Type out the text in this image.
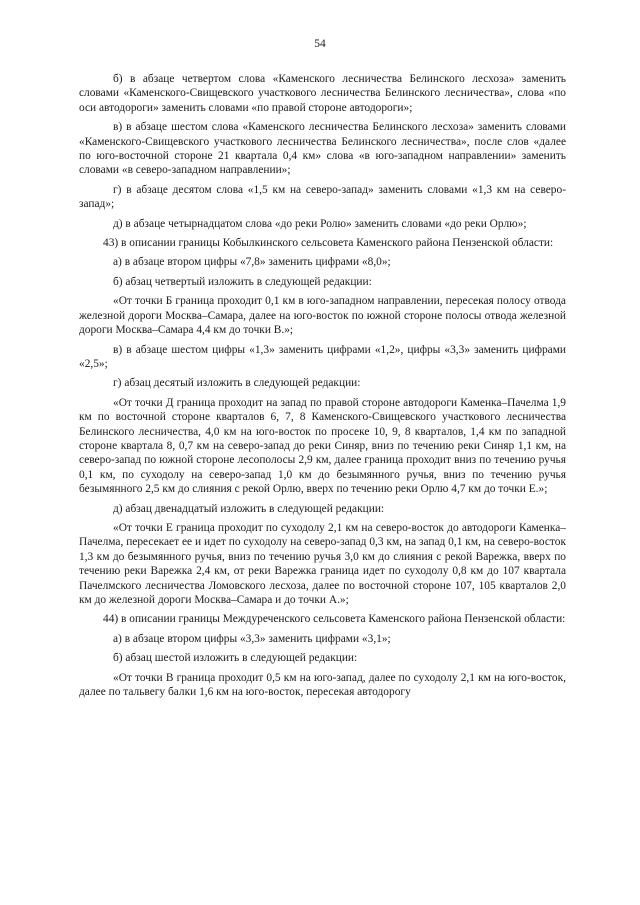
54

б) в абзаце четвертом слова «Каменского лесничества Белинского лесхоза» заменить словами «Каменского-Свищевского участкового лесничества Белинского лесничества», слова «по оси автодороги» заменить словами «по правой стороне автодороги»;

в) в абзаце шестом слова «Каменского лесничества Белинского лесхоза» заменить словами «Каменского-Свищевского участкового лесничества Белинского лесничества», после слов «далее по юго-восточной стороне 21 квартала 0,4 км» слова «в юго-западном направлении» заменить словами «в северо-западном направлении»;

г) в абзаце десятом слова «1,5 км на северо-запад» заменить словами «1,3 км на северо-запад»;

д) в абзаце четырнадцатом слова «до реки Ролю» заменить словами «до реки Орлю»;

43) в описании границы Кобылкинского сельсовета Каменского района Пензенской области:

а) в абзаце втором цифры «7,8» заменить цифрами «8,0»;

б) абзац четвертый изложить в следующей редакции:

«От точки Б граница проходит 0,1 км в юго-западном направлении, пересекая полосу отвода железной дороги Москва–Самара, далее на юго-восток по южной стороне полосы отвода железной дороги Москва–Самара 4,4 км до точки В.»;

в) в абзаце шестом цифры «1,3» заменить цифрами «1,2», цифры «3,3» заменить цифрами «2,5»;

г) абзац десятый изложить в следующей редакции:

«От точки Д граница проходит на запад по правой стороне автодороги Каменка–Пачелма 1,9 км по восточной стороне кварталов 6, 7, 8 Каменского-Свищевского участкового лесничества Белинского лесничества, 4,0 км на юго-восток по просеке 10, 9, 8 кварталов, 1,4 км по западной стороне квартала 8, 0,7 км на северо-запад до реки Синяр, вниз по течению реки Синяр 1,1 км, на северо-запад по южной стороне лесополосы 2,9 км, далее граница проходит вниз по течению ручья 0,1 км, по суходолу на северо-запад 1,0 км до безымянного ручья, вниз по течению ручья безымянного 2,5 км до слияния с рекой Орлю, вверх по течению реки Орлю 4,7 км до точки Е.»;

д) абзац двенадцатый изложить в следующей редакции:

«От точки Е граница проходит по суходолу 2,1 км на северо-восток до автодороги Каменка–Пачелма, пересекает ее и идет по суходолу на северо-запад 0,3 км, на запад 0,1 км, на северо-восток 1,3 км до безымянного ручья, вниз по течению ручья 3,0 км до слияния с рекой Варежка, вверх по течению реки Варежка 2,4 км, от реки Варежка граница идет по суходолу 0,8 км до 107 квартала Пачелмского лесничества Ломовского лесхоза, далее по восточной стороне 107, 105 кварталов 2,0 км до железной дороги Москва–Самара и до точки А.»;

44) в описании границы Междуреченского сельсовета Каменского района Пензенской области:

а) в абзаце втором цифры «3,3» заменить цифрами «3,1»;

б) абзац шестой изложить в следующей редакции:

«От точки В граница проходит 0,5 км на юго-запад, далее по суходолу 2,1 км на юго-восток, далее по тальвегу балки 1,6 км на юго-восток, пересекая автодорогу
